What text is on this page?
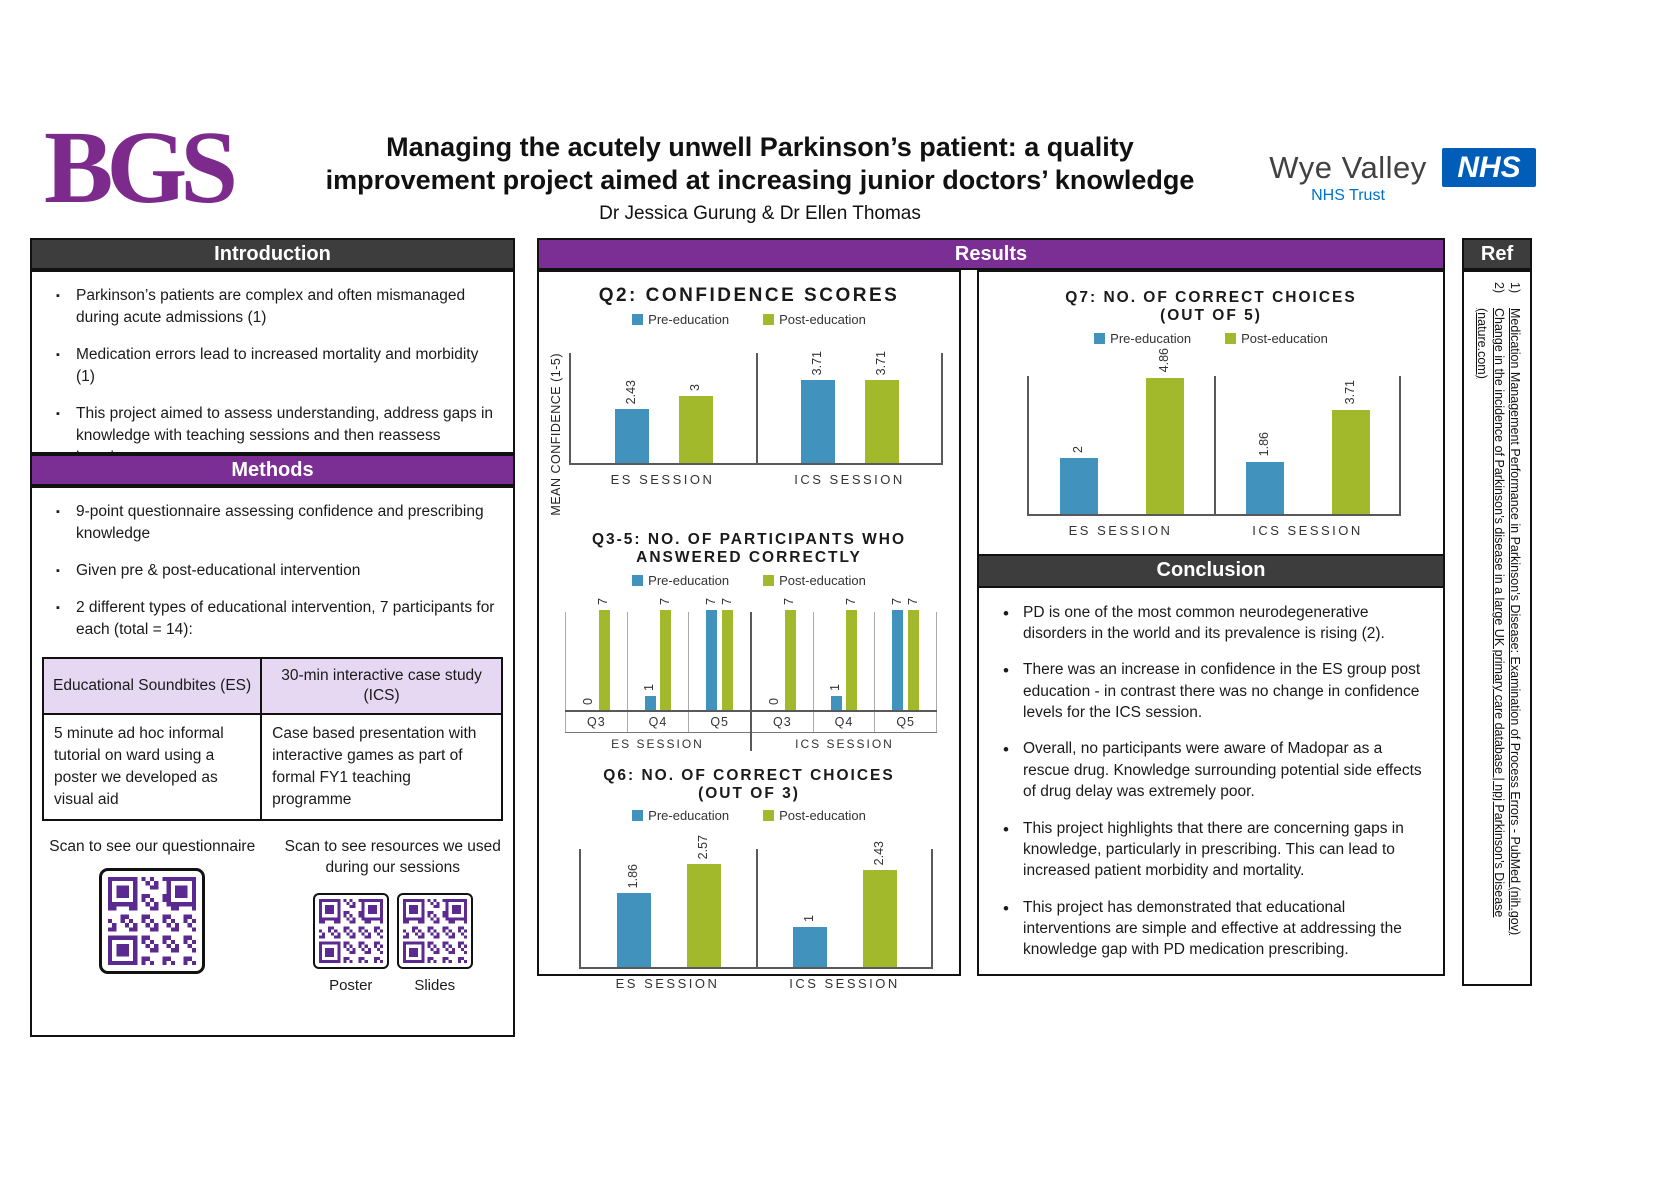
BGS	Managing the acutely unwell Parkinson’s patient: a quality
improvement project aimed at increasing junior doctors’ knowledge
Dr Jessica Gurung & Dr Ellen Thomas
Wye Valley
NHS Trust
NHS
Introduction
▪ Parkinson’s patients are complex and often mismanaged during acute admissions (1)
▪ Medication errors lead to increased mortality and morbidity (1)
▪ This project aimed to assess understanding, address gaps in knowledge with teaching sessions and then reassess
Methods
▪ 9-point questionnaire assessing confidence and prescribing knowledge
▪ Given pre & post-educational intervention
▪ 2 different types of educational intervention, 7 participants for each (total = 14):
Educational Soundbites (ES)	30-min interactive case study (ICS)
5 minute ad hoc informal tutorial on ward using a poster we developed as visual aid	Case based presentation with interactive games as part of formal FY1 teaching programme
Scan to see our questionnaire	Scan to see resources we used during our sessions
Poster	Slides
Results
Q2: CONFIDENCE SCORES
Pre-education	Post-education
MEAN CONFIDENCE (1-5)	2.43	3
ES SESSION
3.71	3.71
ICS SESSION
Q3-5: NO. OF PARTICIPANTS WHO
ANSWERED CORRECTLY
Pre-education	Post-education
0
7
1
7	7 7
Q3	Q4	Q5
ES SESSION
0
7
1
7	7 7
Q3	Q4	Q5
ICS SESSION
Q6: NO. OF CORRECT CHOICES
(OUT OF 3)
Pre-education	Post-education
1.86
2.57
ES SESSION
1
2.43
ICS SESSION
Q7: NO. OF CORRECT CHOICES
(OUT OF 5)
Pre-education	Post-education
2
4.86
ES SESSION
1.86
3.71
ICS SESSION
Conclusion
• PD is one of the most common neurodegenerative disorders in the world and its prevalence is rising (2).
• There was an increase in confidence in the ES group post education - in contrast there was no change in confidence levels for the ICS session.
• Overall, no participants were aware of Madopar as a rescue drug. Knowledge surrounding potential side effects of drug delay was extremely poor.
• This project highlights that there are concerning gaps in knowledge, particularly in prescribing. This can lead to increased patient morbidity and mortality.
• This project has demonstrated that educational interventions are simple and effective at addressing the knowledge gap with PD medication prescribing.
Ref
1)
Medication Management Performance in Parkinson’s Disease: Examination of Process Errors - PubMed (nih.gov)
2)
Change in the incidence of Parkinson’s disease in a large UK primary care database | npj Parkinson’s Disease (nature.com)
